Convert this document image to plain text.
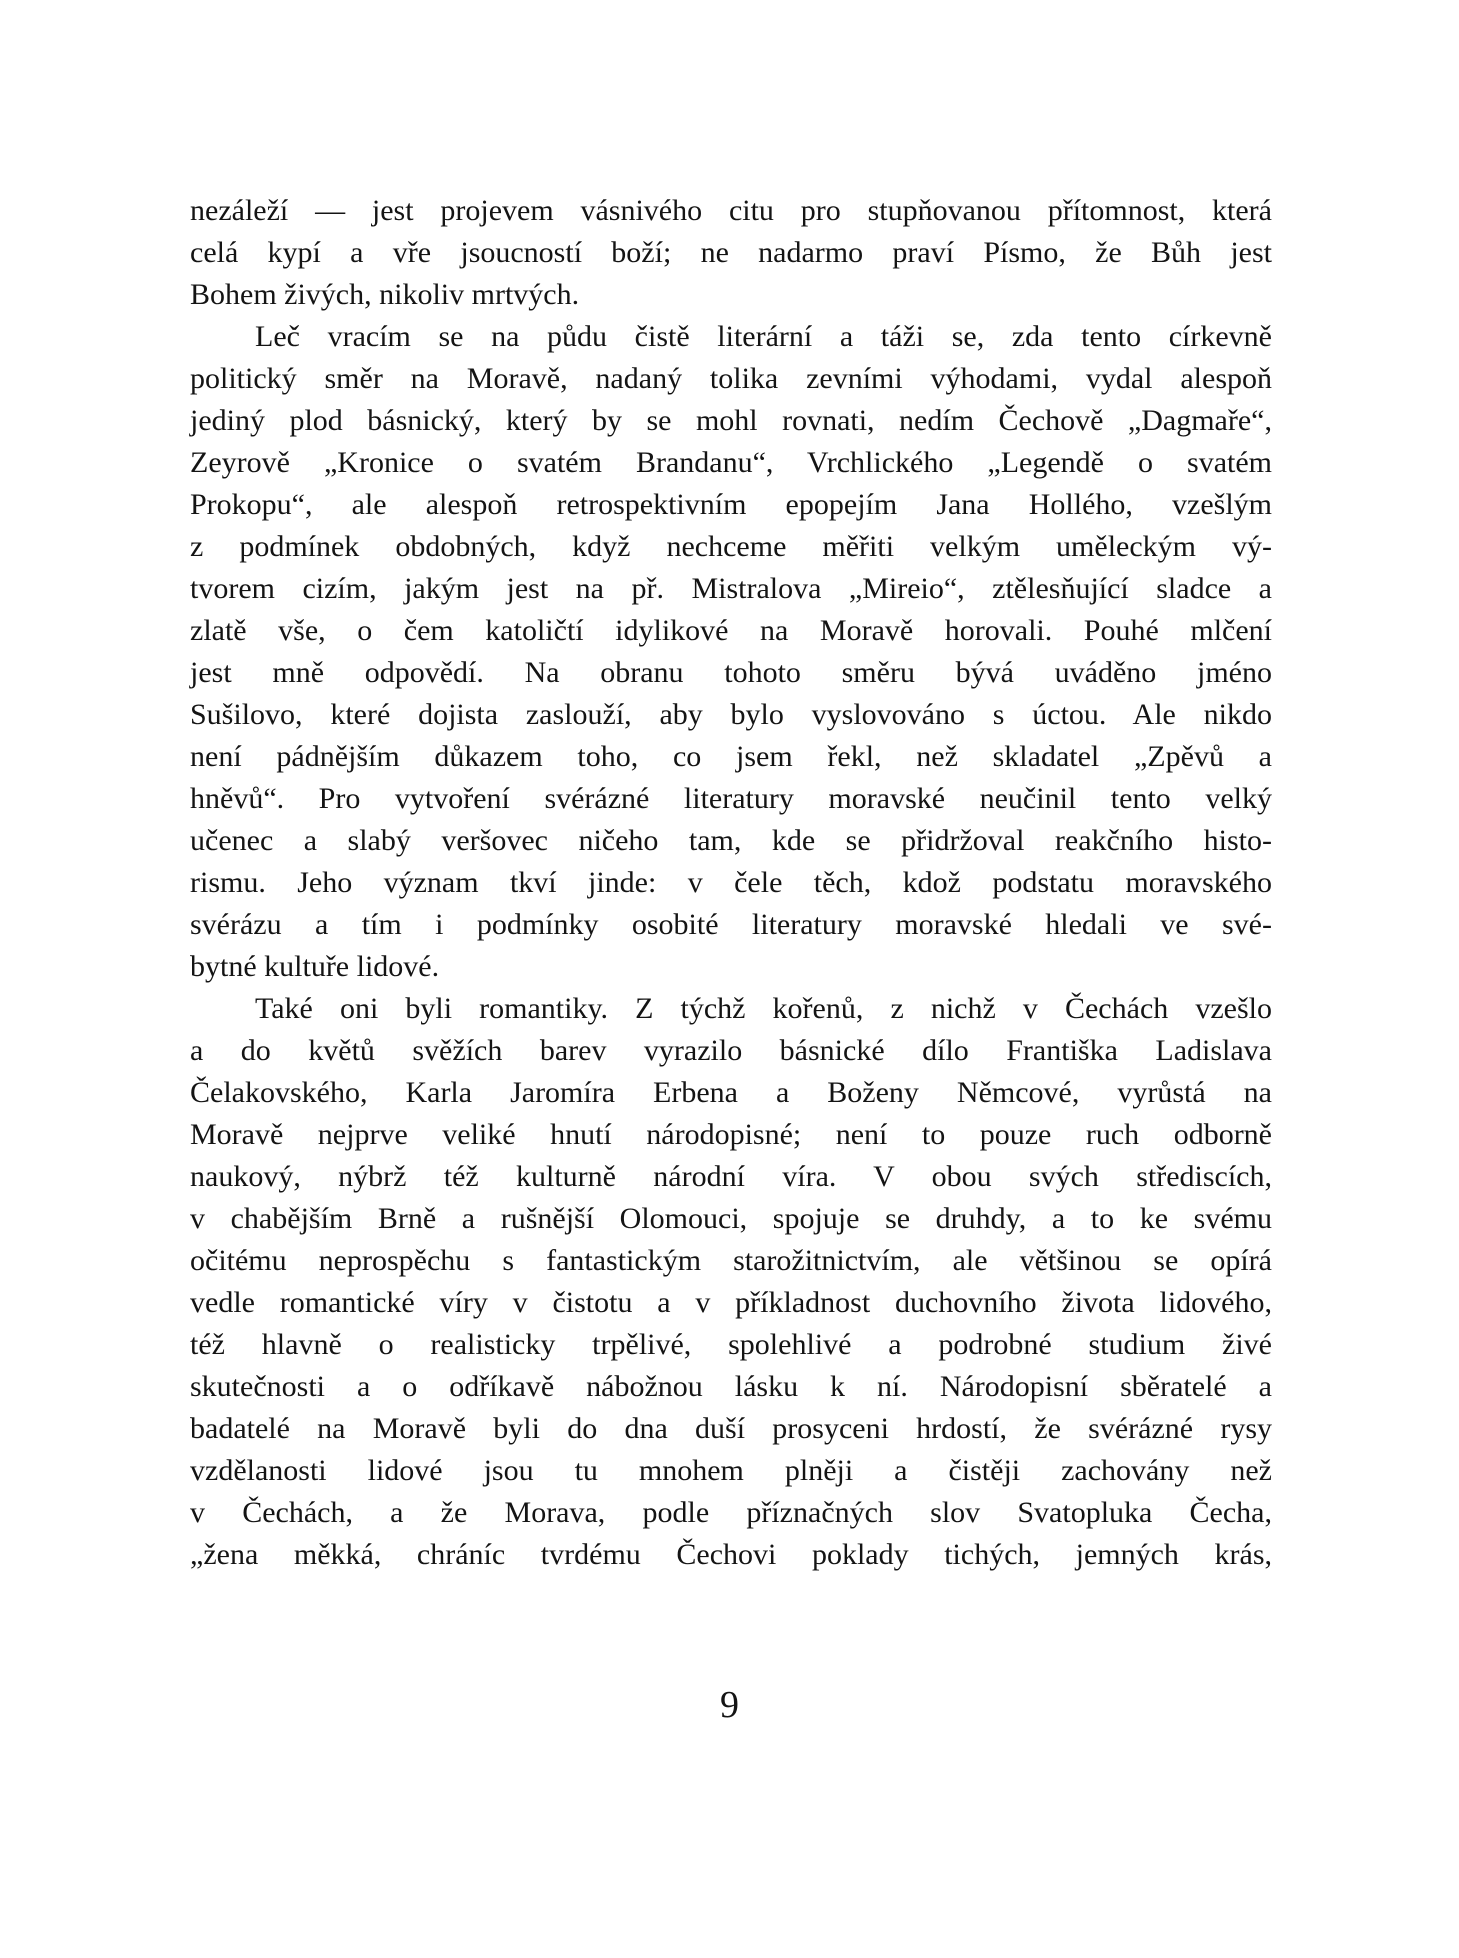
nezáleží — jest projevem vásnivého citu pro stupňovanou přítomnost, která
celá kypí a vře jsoucností boží; ne nadarmo praví Písmo, že Bůh jest
Bohem živých, nikoliv mrtvých.
Leč vracím se na půdu čistě literární a táži se, zda tento církevně
politický směr na Moravě, nadaný tolika zevními výhodami, vydal alespoň
jediný plod básnický, který by se mohl rovnati, nedím Čechově „Dagmaře“,
Zeyrově „Kronice o svatém Brandanu“, Vrchlického „Legendě o svatém
Prokopu“, ale alespoň retrospektivním epopejím Jana Hollého, vzešlým
z podmínek obdobných, když nechceme měřiti velkým uměleckým vý-
tvorem cizím, jakým jest na př. Mistralova „Mireio“, ztělesňující sladce a
zlatě vše, o čem katoličtí idylikové na Moravě horovali. Pouhé mlčení
jest mně odpovědí. Na obranu tohoto směru bývá uváděno jméno
Sušilovo, které dojista zaslouží, aby bylo vyslovováno s úctou. Ale nikdo
není pádnějším důkazem toho, co jsem řekl, než skladatel „Zpěvů a
hněvů“. Pro vytvoření svérázné literatury moravské neučinil tento velký
učenec a slabý veršovec ničeho tam, kde se přidržoval reakčního histo-
rismu. Jeho význam tkví jinde: v čele těch, kdož podstatu moravského
svérázu a tím i podmínky osobité literatury moravské hledali ve své-
bytné kultuře lidové.
Také oni byli romantiky. Z týchž kořenů, z nichž v Čechách vzešlo
a do květů svěžích barev vyrazilo básnické dílo Františka Ladislava
Čelakovského, Karla Jaromíra Erbena a Boženy Němcové, vyrůstá na
Moravě nejprve veliké hnutí národopisné; není to pouze ruch odborně
naukový, nýbrž též kulturně národní víra. V obou svých střediscích,
v chabějším Brně a rušnější Olomouci, spojuje se druhdy, a to ke svému
očitému neprospěchu s fantastickým starožitnictvím, ale většinou se opírá
vedle romantické víry v čistotu a v příkladnost duchovního života lidového,
též hlavně o realisticky trpělivé, spolehlivé a podrobné studium živé
skutečnosti a o odříkavě nábožnou lásku k ní. Národopisní sběratelé a
badatelé na Moravě byli do dna duší prosyceni hrdostí, že svérázné rysy
vzdělanosti lidové jsou tu mnohem plněji a čistěji zachovány než
v Čechách, a že Morava, podle příznačných slov Svatopluka Čecha,
„žena měkká, chráníc tvrdému Čechovi poklady tichých, jemných krás,
9
